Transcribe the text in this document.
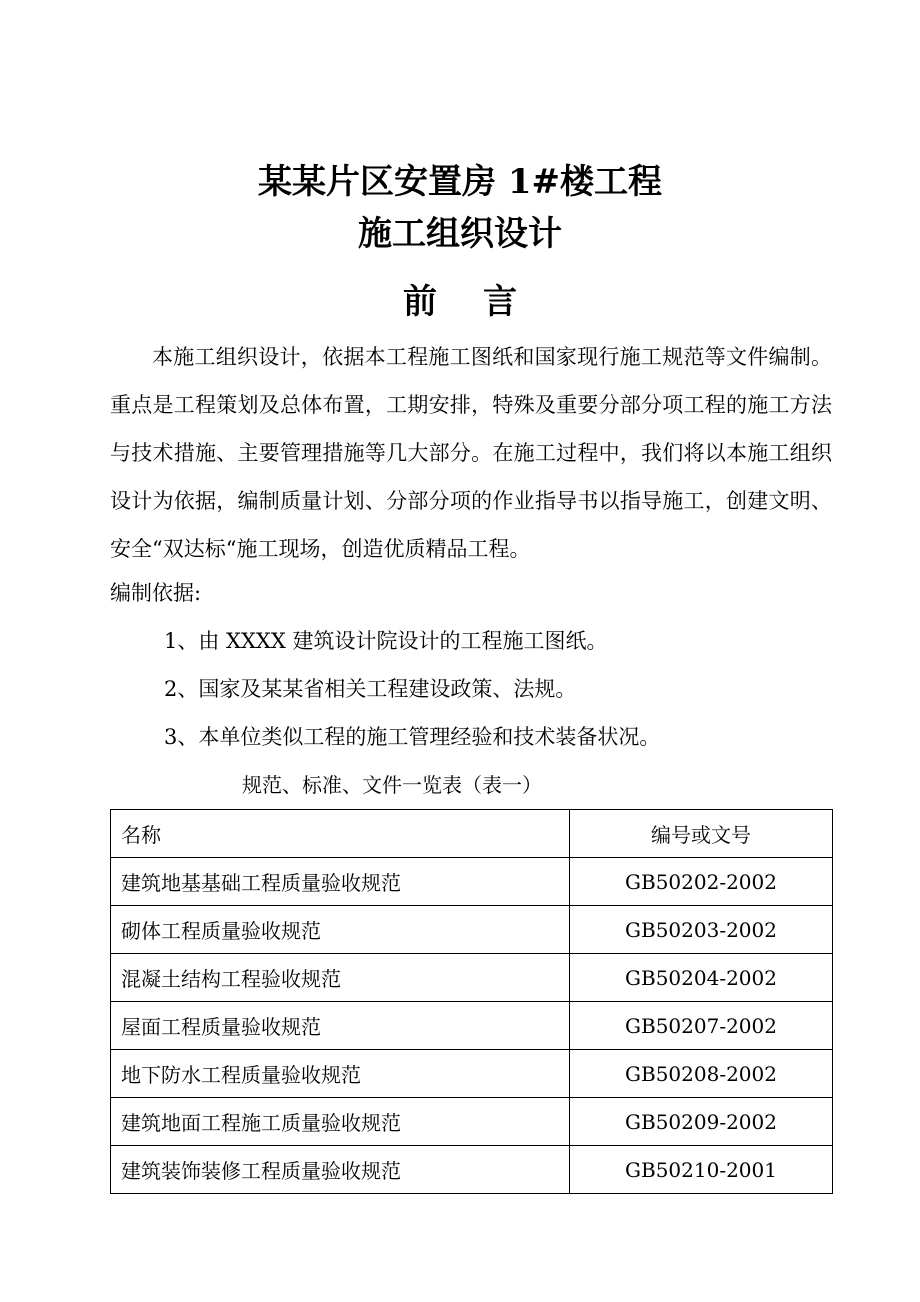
某某片区安置房 1#楼工程
施工组织设计
前言

本施工组织设计，依据本工程施工图纸和国家现行施工规范等文件编制。重点是工程策划及总体布置，工期安排，特殊及重要分部分项工程的施工方法与技术措施、主要管理措施等几大部分。在施工过程中，我们将以本施工组织设计为依据，编制质量计划、分部分项的作业指导书以指导施工，创建文明、安全“双达标“施工现场，创造优质精品工程。

编制依据:
1、由 XXXX 建筑设计院设计的工程施工图纸。
2、国家及某某省相关工程建设政策、法规。
3、本单位类似工程的施工管理经验和技术装备状况。
规范、标准、文件一览表（表一）
名称	编号或文号
建筑地基基础工程质量验收规范	GB50202-2002
砌体工程质量验收规范	GB50203-2002
混凝土结构工程验收规范	GB50204-2002
屋面工程质量验收规范	GB50207-2002
地下防水工程质量验收规范	GB50208-2002
建筑地面工程施工质量验收规范	GB50209-2002
建筑装饰装修工程质量验收规范	GB50210-2001
